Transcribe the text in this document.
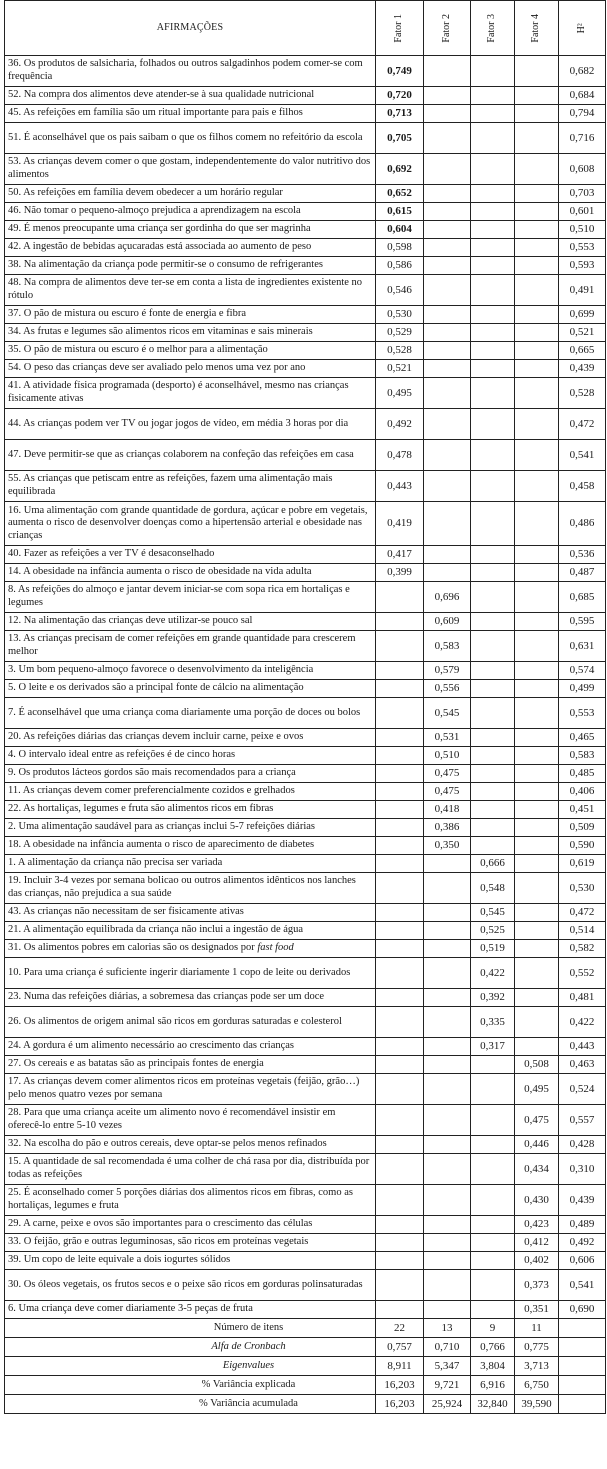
AFIRMAÇÕES	Fator 1	Fator 2	Fator 3	Fator 4	H²
36. Os produtos de salsicharia, folhados ou outros salgadinhos podem comer-se com frequência	0,749				0,682
52. Na compra dos alimentos deve atender-se à sua qualidade nutricional	0,720				0,684
45. As refeições em família são um ritual importante para pais e filhos	0,713				0,794
51. É aconselhável que os pais saibam o que os filhos comem no refeitório da escola	0,705				0,716
53. As crianças devem comer o que gostam, independentemente do valor nutritivo dos alimentos	0,692				0,608
50. As refeições em família devem obedecer a um horário regular	0,652				0,703
46. Não tomar o pequeno-almoço prejudica a aprendizagem na escola	0,615				0,601
49. É menos preocupante uma criança ser gordinha do que ser magrinha	0,604				0,510
42. A ingestão de bebidas açucaradas está associada ao aumento de peso	0,598				0,553
38. Na alimentação da criança pode permitir-se o consumo de refrigerantes	0,586				0,593
48. Na compra de alimentos deve ter-se em conta a lista de ingredientes existente no rótulo	0,546				0,491
37. O pão de mistura ou escuro é fonte de energia e fibra	0,530				0,699
34. As frutas e legumes são alimentos ricos em vitaminas e sais minerais	0,529				0,521
35. O pão de mistura ou escuro é o melhor para a alimentação	0,528				0,665
54. O peso das crianças deve ser avaliado pelo menos uma vez por ano	0,521				0,439
41. A atividade física programada (desporto) é aconselhável, mesmo nas crianças fisicamente ativas	0,495				0,528
44. As crianças podem ver TV ou jogar jogos de vídeo, em média 3 horas por dia	0,492				0,472
47. Deve permitir-se que as crianças colaborem na confeção das refeições em casa	0,478				0,541
55. As crianças que petiscam entre as refeições, fazem uma alimentação mais equilibrada	0,443				0,458
16. Uma alimentação com grande quantidade de gordura, açúcar e pobre em vegetais, aumenta o risco de desenvolver doenças como a hipertensão arterial e obesidade nas crianças	0,419				0,486
40. Fazer as refeições a ver TV é desaconselhado	0,417				0,536
14. A obesidade na infância aumenta o risco de obesidade na vida adulta	0,399				0,487
8. As refeições do almoço e jantar devem iniciar-se com sopa rica em hortaliças e legumes		0,696			0,685
12. Na alimentação das crianças deve utilizar-se pouco sal		0,609			0,595
13. As crianças precisam de comer refeições em grande quantidade para crescerem melhor		0,583			0,631
3. Um bom pequeno-almoço favorece o desenvolvimento da inteligência		0,579			0,574
5. O leite e os derivados são a principal fonte de cálcio na alimentação		0,556			0,499
7. É aconselhável que uma criança coma diariamente uma porção de doces ou bolos		0,545			0,553
20. As refeições diárias das crianças devem incluir carne, peixe e ovos		0,531			0,465
4. O intervalo ideal entre as refeições é de cinco horas		0,510			0,583
9. Os produtos lácteos gordos são mais recomendados para a criança		0,475			0,485
11. As crianças devem comer preferencialmente cozidos e grelhados		0,475			0,406
22. As hortaliças, legumes e fruta são alimentos ricos em fibras		0,418			0,451
2. Uma alimentação saudável para as crianças inclui 5-7 refeições diárias		0,386			0,509
18. A obesidade na infância aumenta o risco de aparecimento de diabetes		0,350			0,590
1. A alimentação da criança não precisa ser variada			0,666		0,619
19. Incluir 3-4 vezes por semana bolicao ou outros alimentos idênticos nos lanches das crianças, não prejudica a sua saúde			0,548		0,530
43. As crianças não necessitam de ser fisicamente ativas			0,545		0,472
21. A alimentação equilibrada da criança não inclui a ingestão de água			0,525		0,514
31. Os alimentos pobres em calorias são os designados por fast food			0,519		0,582
10. Para uma criança é suficiente ingerir diariamente 1 copo de leite ou derivados			0,422		0,552
23. Numa das refeições diárias, a sobremesa das crianças pode ser um doce			0,392		0,481
26. Os alimentos de origem animal são ricos em gorduras saturadas e colesterol			0,335		0,422
24. A gordura é um alimento necessário ao crescimento das crianças			0,317		0,443
27. Os cereais e as batatas são as principais fontes de energia				0,508	0,463
17. As crianças devem comer alimentos ricos em proteínas vegetais (feijão, grão…) pelo menos quatro vezes por semana				0,495	0,524
28. Para que uma criança aceite um alimento novo é recomendável insistir em oferecê-lo entre 5-10 vezes				0,475	0,557
32. Na escolha do pão e outros cereais, deve optar-se pelos menos refinados				0,446	0,428
15. A quantidade de sal recomendada é uma colher de chá rasa por dia, distribuída por todas as refeições				0,434	0,310
25. É aconselhado comer 5 porções diárias dos alimentos ricos em fibras, como as hortaliças, legumes e fruta				0,430	0,439
29. A carne, peixe e ovos são importantes para o crescimento das células				0,423	0,489
33. O feijão, grão e outras leguminosas, são ricos em proteínas vegetais				0,412	0,492
39. Um copo de leite equivale a dois iogurtes sólidos				0,402	0,606
30. Os óleos vegetais, os frutos secos e o peixe são ricos em gorduras polinsaturadas				0,373	0,541
6. Uma criança deve comer diariamente 3-5 peças de fruta				0,351	0,690
Número de itens	22	13	9	11	
Alfa de Cronbach	0,757	0,710	0,766	0,775	
Eigenvalues	8,911	5,347	3,804	3,713	
% Variância explicada	16,203	9,721	6,916	6,750	
% Variância acumulada	16,203	25,924	32,840	39,590	
